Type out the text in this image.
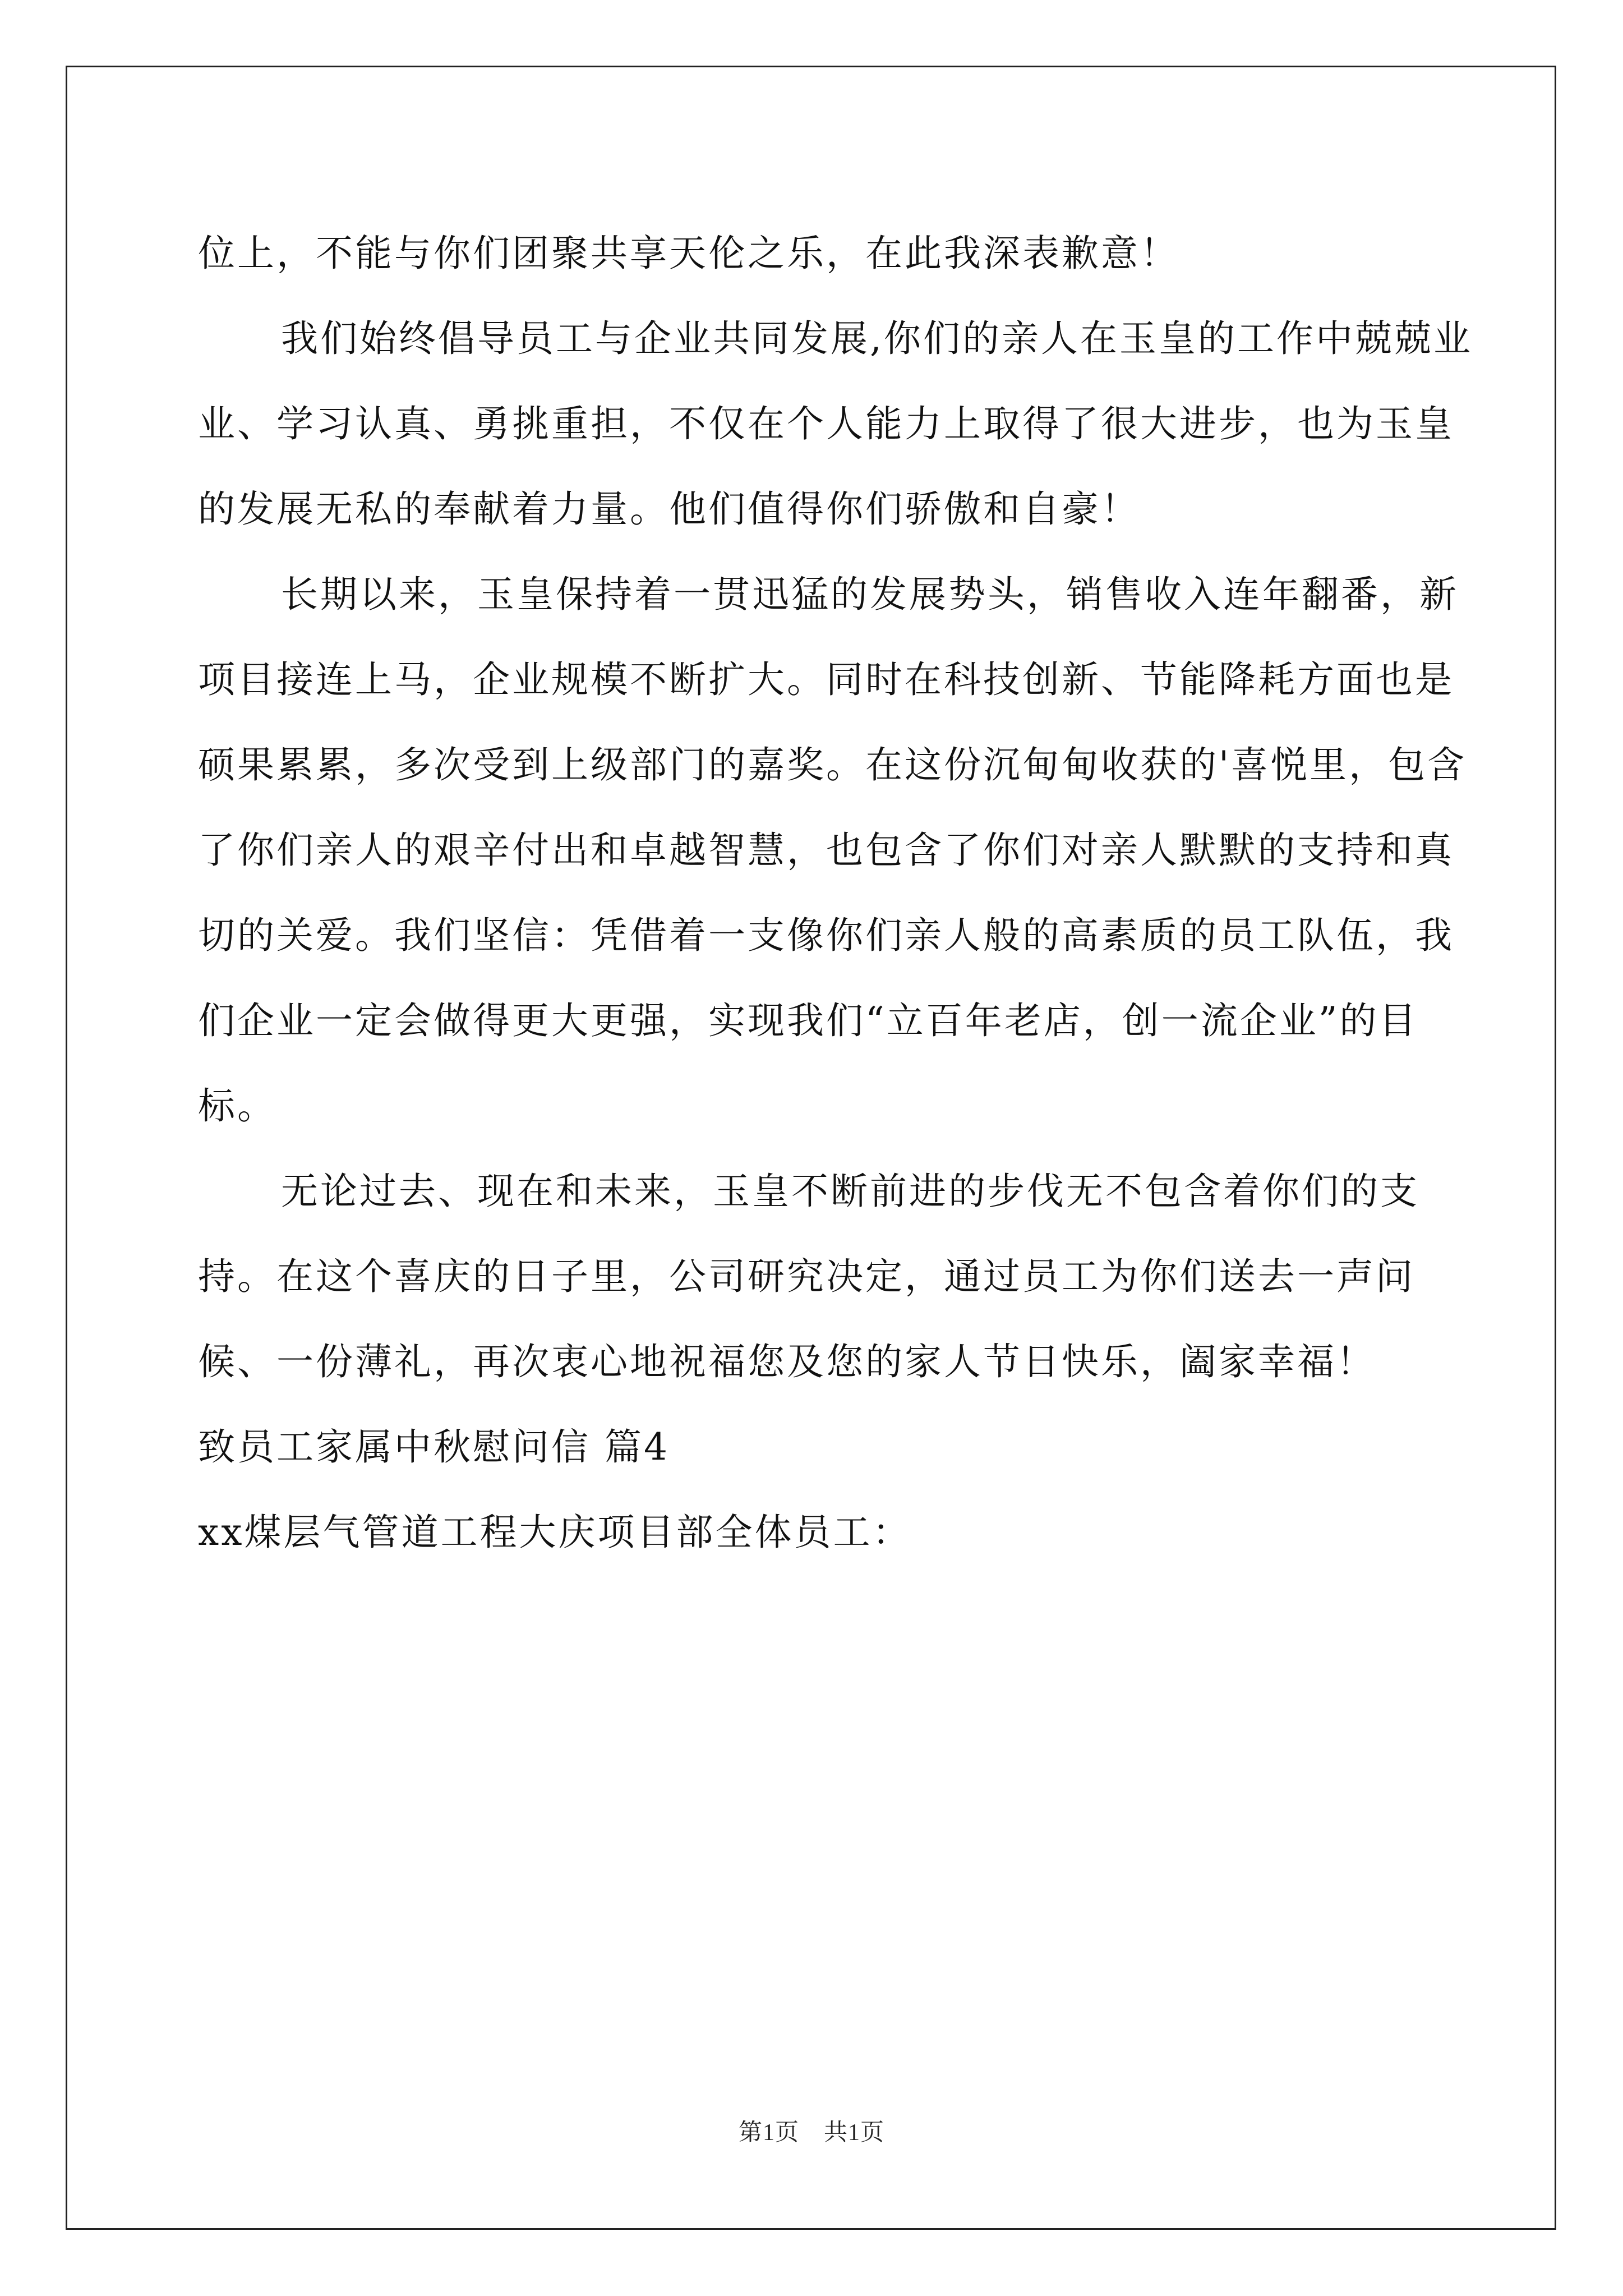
位上，不能与你们团聚共享天伦之乐，在此我深表歉意！

我们始终倡导员工与企业共同发展,你们的亲人在玉皇的工作中兢兢业业、学习认真、勇挑重担，不仅在个人能力上取得了很大进步，也为玉皇的发展无私的奉献着力量。他们值得你们骄傲和自豪！

长期以来，玉皇保持着一贯迅猛的发展势头，销售收入连年翻番，新项目接连上马，企业规模不断扩大。同时在科技创新、节能降耗方面也是硕果累累，多次受到上级部门的嘉奖。在这份沉甸甸收获的'喜悦里，包含了你们亲人的艰辛付出和卓越智慧，也包含了你们对亲人默默的支持和真切的关爱。我们坚信：凭借着一支像你们亲人般的高素质的员工队伍，我们企业一定会做得更大更强，实现我们“立百年老店，创一流企业”的目标。

无论过去、现在和未来，玉皇不断前进的步伐无不包含着你们的支持。在这个喜庆的日子里，公司研究决定，通过员工为你们送去一声问候、一份薄礼，再次衷心地祝福您及您的家人节日快乐，阖家幸福！

致员工家属中秋慰问信 篇4

xx煤层气管道工程大庆项目部全体员工：

第1页 共1页
